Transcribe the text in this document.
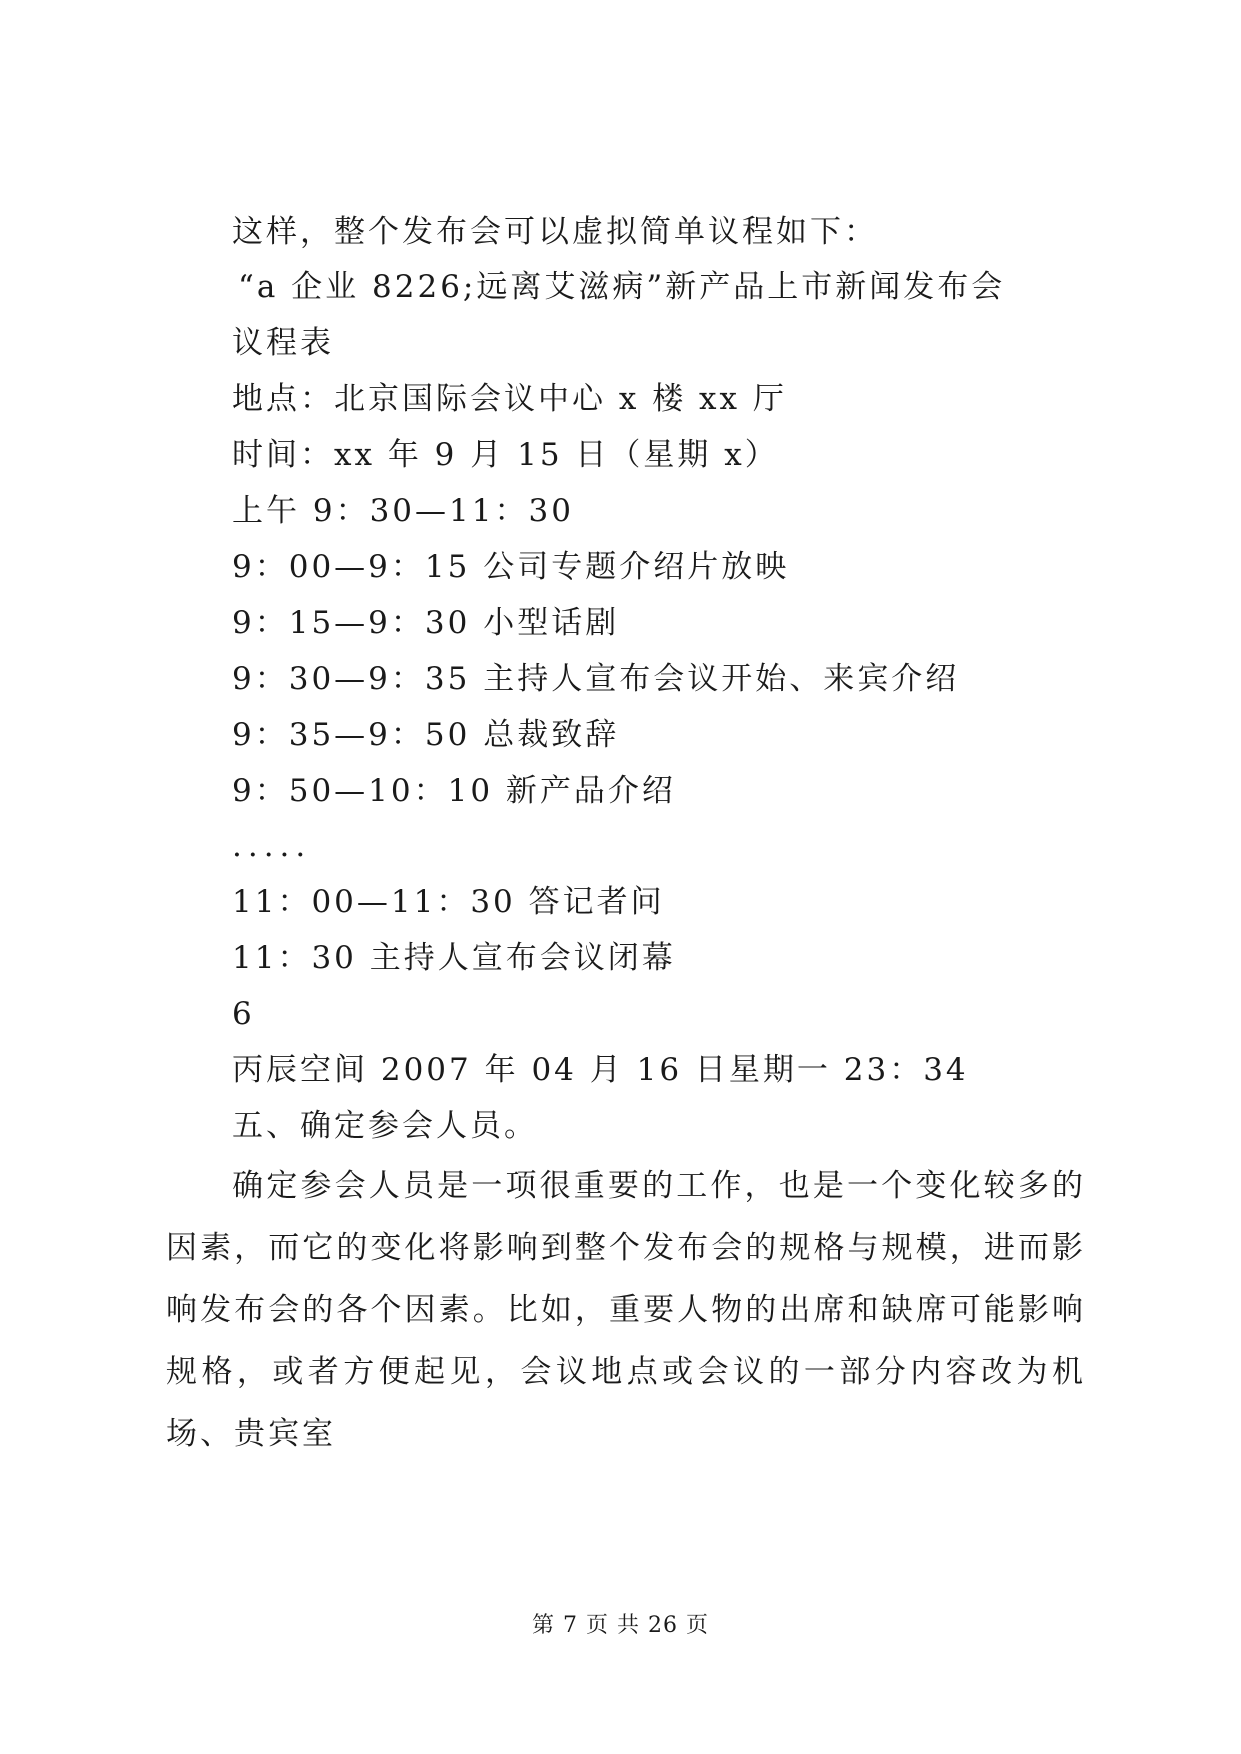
这样，整个发布会可以虚拟简单议程如下：
“a 企业 8226;远离艾滋病”新产品上市新闻发布会
议程表
地点：北京国际会议中心 x 楼 xx 厅
时间：xx 年 9 月 15 日（星期 x）
上午 9：30—11：30
9：00—9：15 公司专题介绍片放映
9：15—9：30 小型话剧
9：30—9：35 主持人宣布会议开始、来宾介绍
9：35—9：50 总裁致辞
9：50—10：10 新产品介绍
.....
11：00—11：30 答记者问
11：30 主持人宣布会议闭幕
6
丙辰空间 2007 年 04 月 16 日星期一 23：34
五、确定参会人员。
确定参会人员是一项很重要的工作，也是一个变化较多的因素，而它的变化将影响到整个发布会的规格与规模，进而影响发布会的各个因素。比如，重要人物的出席和缺席可能影响规格，或者方便起见，会议地点或会议的一部分内容改为机场、贵宾室
第 7 页 共 26 页
